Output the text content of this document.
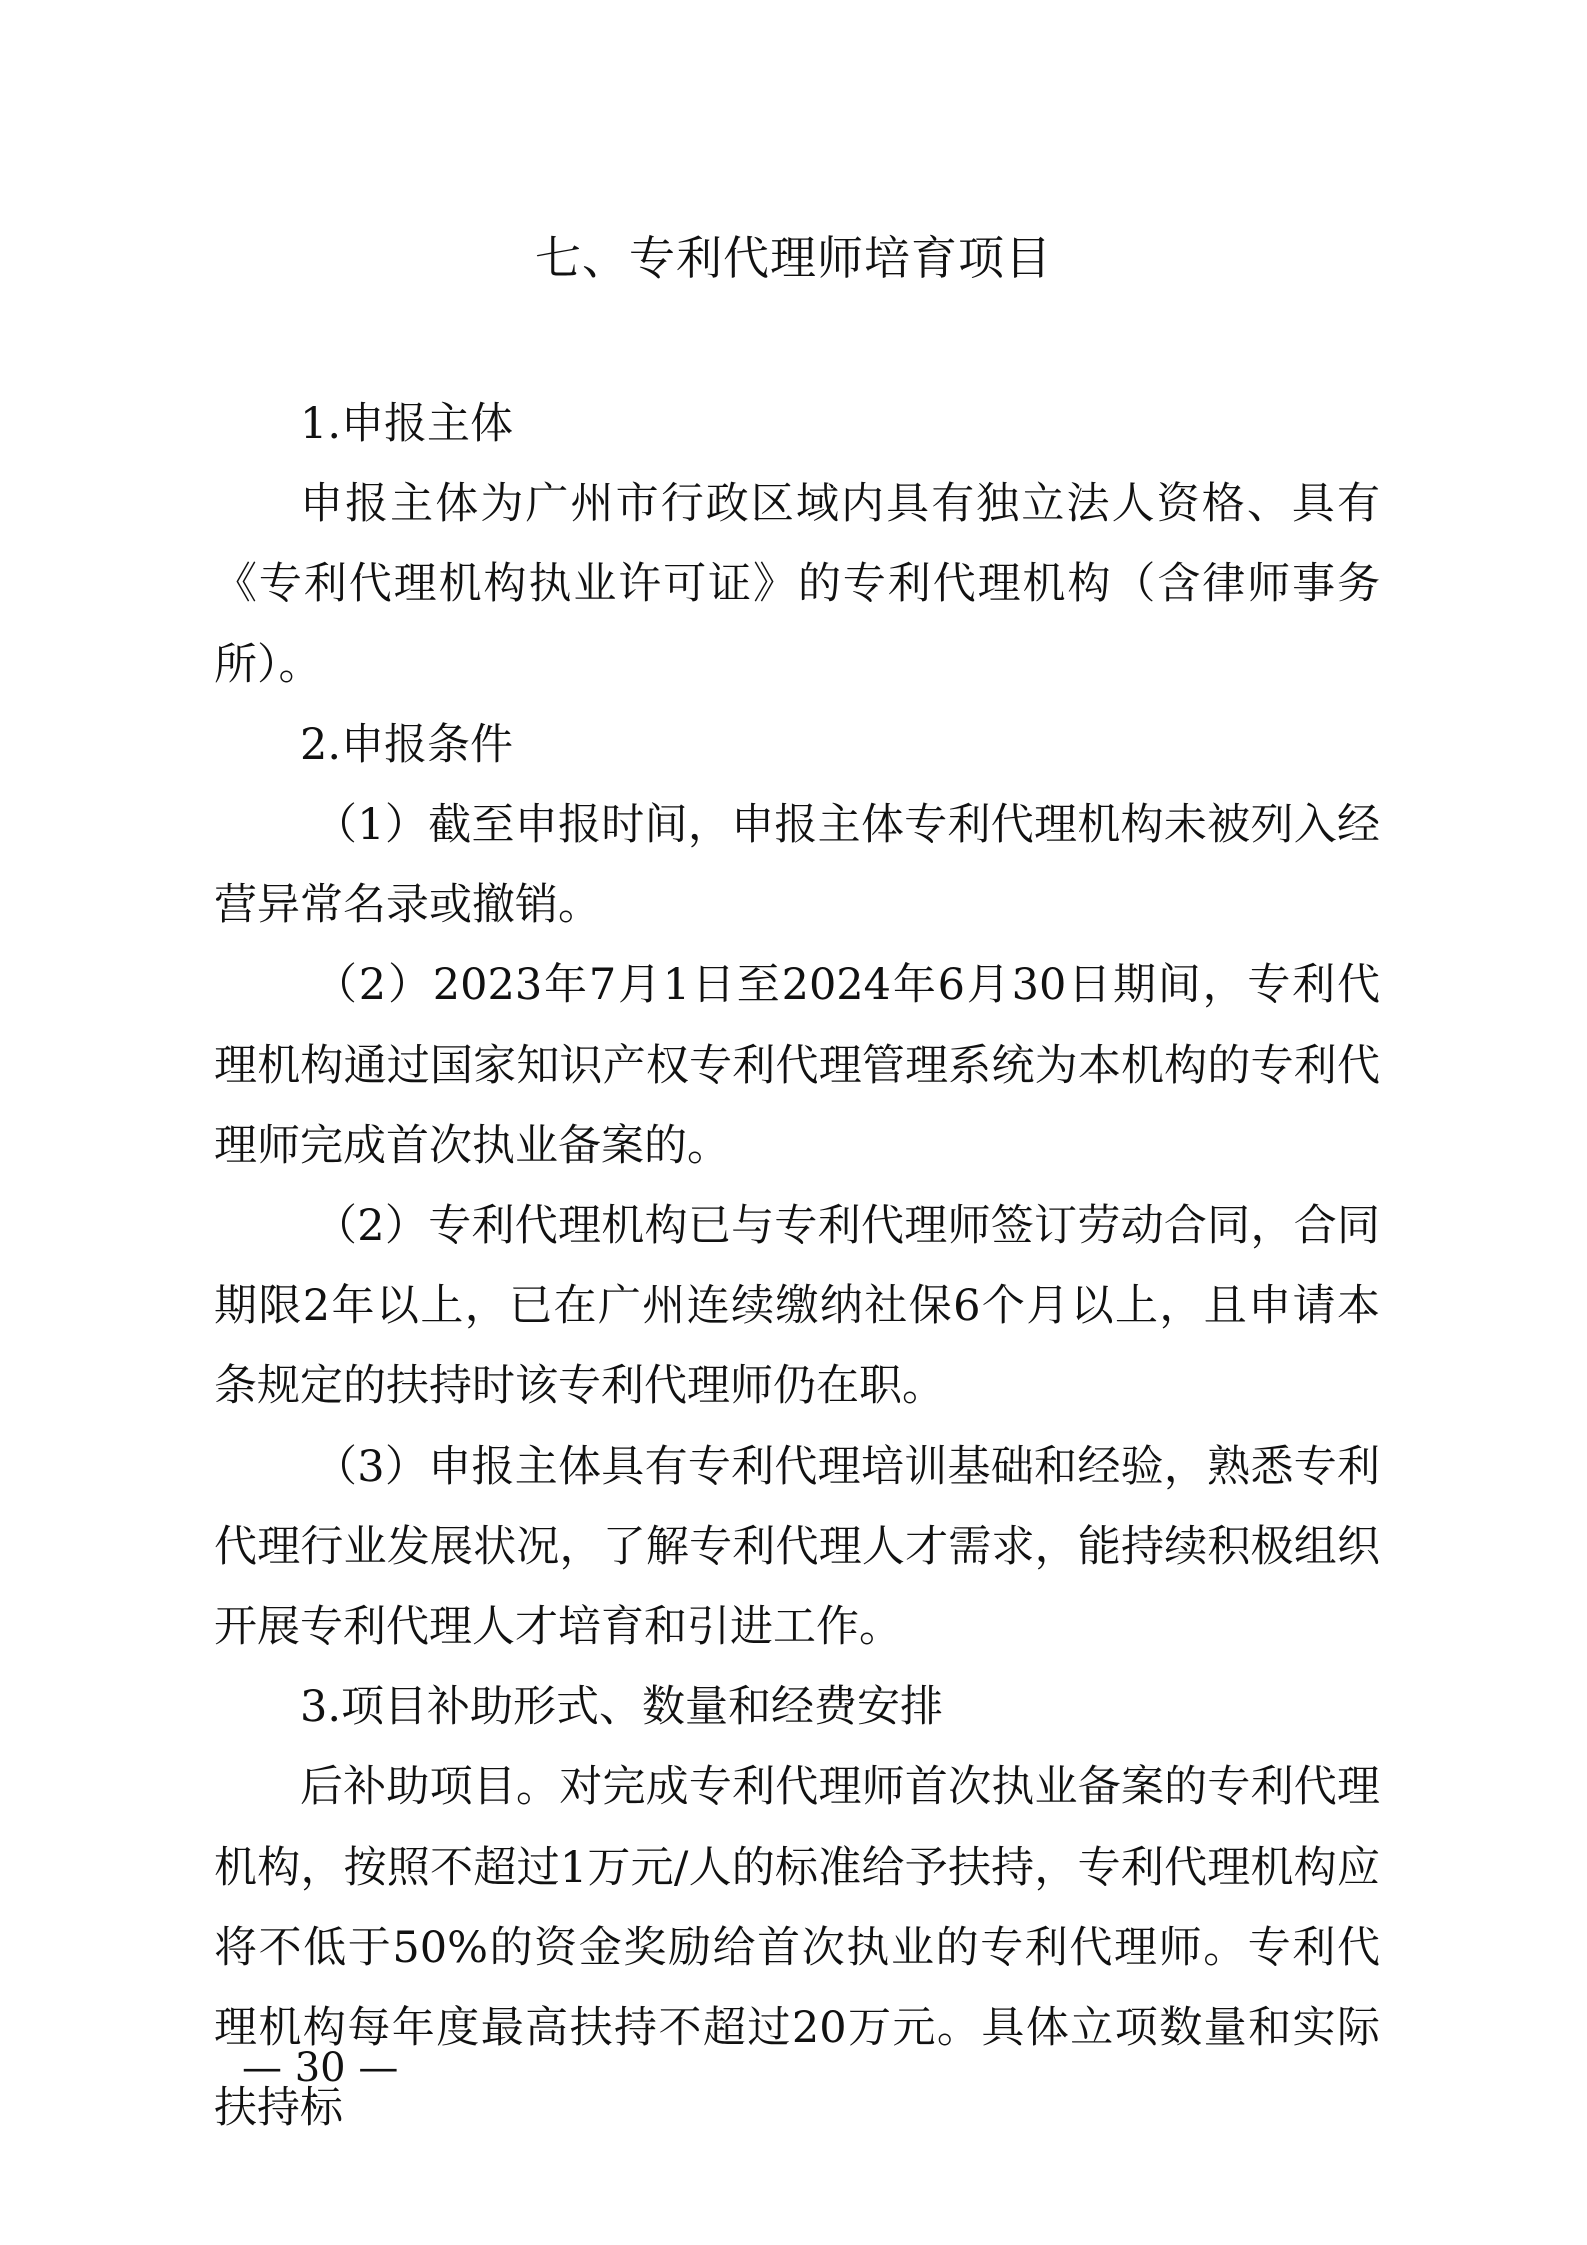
七、专利代理师培育项目

1.申报主体

申报主体为广州市行政区域内具有独立法人资格、具有《专利代理机构执业许可证》的专利代理机构（含律师事务所）。

2.申报条件

（1）截至申报时间，申报主体专利代理机构未被列入经营异常名录或撤销。

（2）2023年7月1日至2024年6月30日期间，专利代理机构通过国家知识产权专利代理管理系统为本机构的专利代理师完成首次执业备案的。

（2）专利代理机构已与专利代理师签订劳动合同，合同期限2年以上，已在广州连续缴纳社保6个月以上，且申请本条规定的扶持时该专利代理师仍在职。

（3）申报主体具有专利代理培训基础和经验，熟悉专利代理行业发展状况，了解专利代理人才需求，能持续积极组织开展专利代理人才培育和引进工作。

3.项目补助形式、数量和经费安排

后补助项目。对完成专利代理师首次执业备案的专利代理机构，按照不超过1万元/人的标准给予扶持，专利代理机构应将不低于50%的资金奖励给首次执业的专利代理师。专利代理机构每年度最高扶持不超过20万元。具体立项数量和实际扶持标

— 30 —
